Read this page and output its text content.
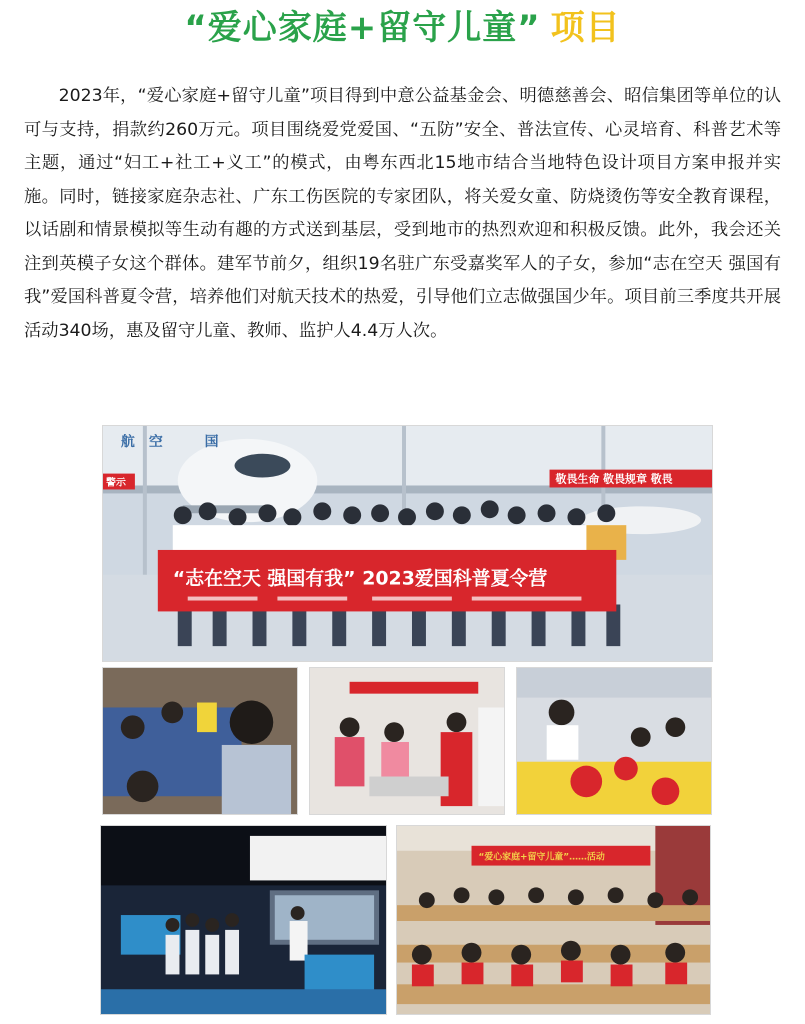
“爱心家庭+留守儿童” 项目

2023年，“爱心家庭+留守儿童”项目得到中意公益基金会、明德慈善会、昭信集团等单位的认可与支持，捐款约260万元。项目围绕爱党爱国、“五防”安全、普法宣传、心灵培育、科普艺术等主题，通过“妇工+社工+义工”的模式，由粤东西北15地市结合当地特色设计项目方案申报并实施。同时，链接家庭杂志社、广东工伤医院的专家团队，将关爱女童、防烧烫伤等安全教育课程，以话剧和情景模拟等生动有趣的方式送到基层，受到地市的热烈欢迎和积极反馈。此外，我会还关注到英模子女这个群体。建军节前夕，组织19名驻广东受嘉奖军人的子女，参加“志在空天 强国有我”爱国科普夏令营，培养他们对航天技术的热爱，引导他们立志做强国少年。项目前三季度共开展活动340场，惠及留守儿童、教师、监护人4.4万人次。

警示	敬畏生命 敬畏规章 敬畏
航　空　　　国
“志在空天 强国有我” 2023爱国科普夏令营
“爱心家庭+留守儿童”……活动
